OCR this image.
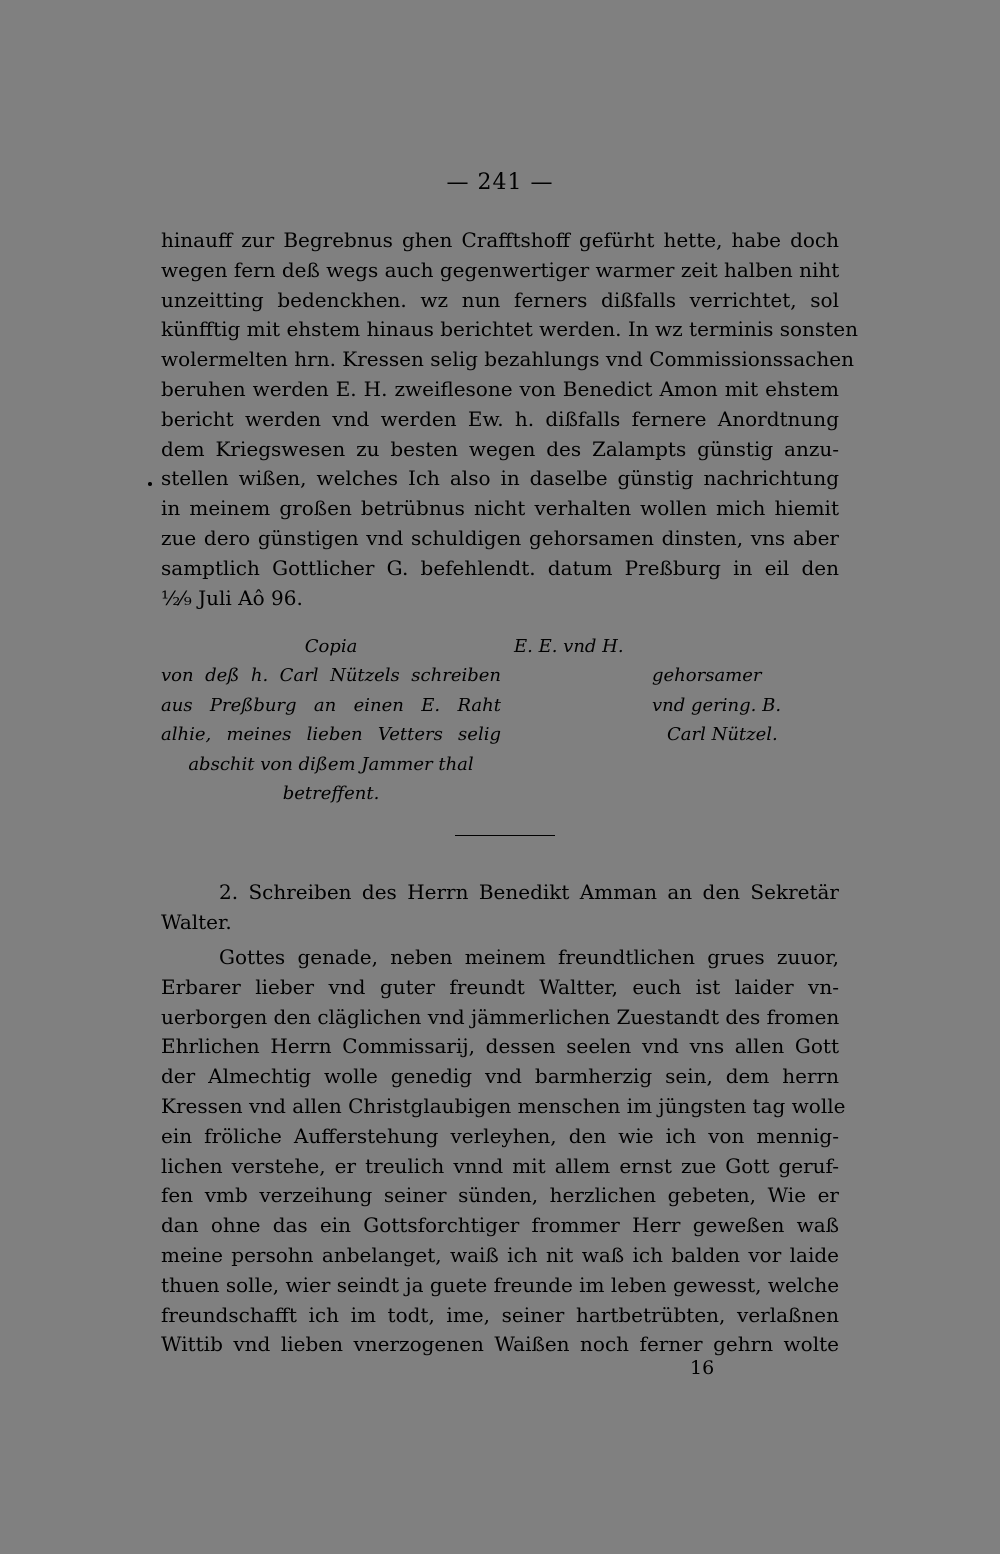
— 241 —
hinauff zur Begrebnus ghen Crafftshoff gefürht hette, habe doch
wegen fern deß wegs auch gegenwertiger warmer zeit halben niht
unzeitting bedenckhen. wz nun ferners dißfalls verrichtet, sol
künfftig mit ehstem hinaus berichtet werden. In wz terminis sonsten
wolermelten hrn. Kressen selig bezahlungs vnd Commissionssachen
beruhen werden E. H. zweiflesone von Benedict Amon mit ehstem
bericht werden vnd werden Ew. h. dißfalls fernere Anordtnung
dem Kriegswesen zu besten wegen des Zalampts günstig anzu-
stellen wißen, welches Ich also in daselbe günstig nachrichtung
in meinem großen betrübnus nicht verhalten wollen mich hiemit
zue dero günstigen vnd schuldigen gehorsamen dinsten, vns aber
samptlich Gottlicher G. befehlendt. datum Preßburg in eil den
½⁄₉ Juli Aô 96.
Copia
von deß h. Carl Nützels schreiben
aus Preßburg an einen E. Raht
alhie, meines lieben Vetters selig
abschit von dißem Jammer thal
betreffent.
E. E. vnd H.
gehorsamer
vnd gering. B.
Carl Nützel.
2. Schreiben des Herrn Benedikt Amman an den Sekretär
Walter.
Gottes genade, neben meinem freundtlichen grues zuuor,
Erbarer lieber vnd guter freundt Waltter, euch ist laider vn-
uerborgen den cläglichen vnd jämmerlichen Zuestandt des fromen
Ehrlichen Herrn Commissarij, dessen seelen vnd vns allen Gott
der Almechtig wolle genedig vnd barmherzig sein, dem herrn
Kressen vnd allen Christglaubigen menschen im jüngsten tag wolle
ein fröliche Aufferstehung verleyhen, den wie ich von mennig-
lichen verstehe, er treulich vnnd mit allem ernst zue Gott geruf-
fen vmb verzeihung seiner sünden, herzlichen gebeten, Wie er
dan ohne das ein Gottsforchtiger frommer Herr geweßen waß
meine persohn anbelanget, waiß ich nit waß ich balden vor laide
thuen solle, wier seindt ja guete freunde im leben gewesst, welche
freundschafft ich im todt, ime, seiner hartbetrübten, verlaßnen
Wittib vnd lieben vnerzogenen Waißen noch ferner gehrn wolte
16
